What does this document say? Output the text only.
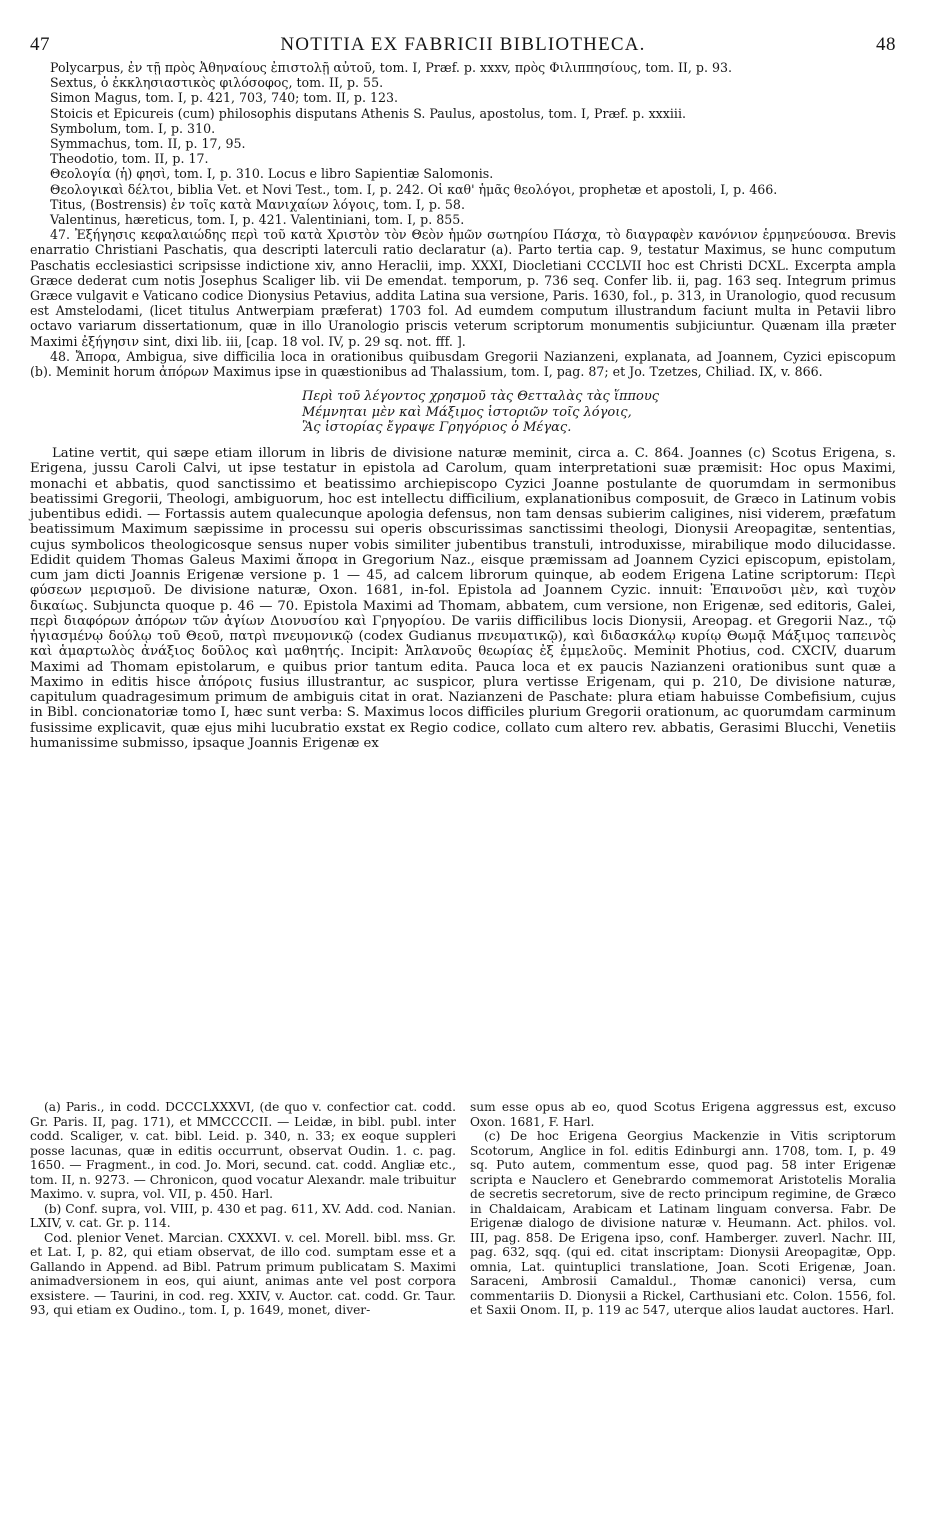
47	NOTITIA EX FABRICII BIBLIOTHECA.	48

Polycarpus, ἐν τῇ πρὸς Ἀθηναίους ἐπιστολῇ αὐτοῦ, tom. I, Præf. p. xxxv, πρὸς Φιλιππησίους, tom. II, p. 93.

Sextus, ὁ ἐκκλησιαστικὸς φιλόσοφος, tom. II, p. 55.

Simon Magus, tom. I, p. 421, 703, 740; tom. II, p. 123.

Stoicis et Epicureis (cum) philosophis disputans Athenis S. Paulus, apostolus, tom. I, Præf. p. xxxiii.

Symbolum, tom. I, p. 310.

Symmachus, tom. II, p. 17, 95.

Theodotio, tom. II, p. 17.

Θεολογία (ἡ) φησὶ, tom. I, p. 310. Locus e libro Sapientiæ Salomonis.

Θεολογικαὶ δέλτοι, biblia Vet. et Novi Test., tom. I, p. 242. Οἱ καθ' ἡμᾶς θεολόγοι, prophetæ et apostoli, I, p. 466.

Titus, (Bostrensis) ἐν τοῖς κατὰ Μανιχαίων λόγοις, tom. I, p. 58.

Valentinus, hæreticus, tom. I, p. 421. Valentiniani, tom. I, p. 855.

47. Ἐξήγησις κεφαλαιώδης περὶ τοῦ κατὰ Χριστὸν τὸν Θεὸν ἡμῶν σωτηρίου Πάσχα, τὸ διαγραφὲν κανόνιον ἑρμηνεύουσα. Brevis enarratio Christiani Paschatis, qua descripti laterculi ratio declaratur (a). Parto tertia cap. 9, testatur Maximus, se hunc computum Paschatis ecclesiastici scripsisse indictione xiv, anno Heraclii, imp. XXXI, Diocletiani CCCLVII hoc est Christi DCXL. Excerpta ampla Græce dederat cum notis Josephus Scaliger lib. vii De emendat. temporum, p. 736 seq. Confer lib. ii, pag. 163 seq. Integrum primus Græce vulgavit e Vaticano codice Dionysius Petavius, addita Latina sua versione, Paris. 1630, fol., p. 313, in Uranologio, quod recusum est Amstelodami, (licet titulus Antwerpiam præferat) 1703 fol. Ad eumdem computum illustrandum faciunt multa in Petavii libro octavo variarum dissertationum, quæ in illo Uranologio priscis veterum scriptorum monumentis subjiciuntur. Quænam illa præter Maximi ἐξήγησιν sint, dixi lib. iii, [cap. 18 vol. IV, p. 29 sq. not. fff. ].

48. Ἄπορα, Ambigua, sive difficilia loca in orationibus quibusdam Gregorii Nazianzeni, explanata, ad Joannem, Cyzici episcopum (b). Meminit horum ἀπόρων Maximus ipse in quæstionibus ad Thalassium, tom. I, pag. 87; et Jo. Tzetzes, Chiliad. IX, v. 866.

Περὶ τοῦ λέγοντος χρησμοῦ τὰς Θετταλὰς τὰς ἵππους
Μέμνηται μὲν καὶ Μάξιμος ἱστοριῶν τοῖς λόγοις,
Ἃς ἱστορίας ἔγραψε Γρηγόριος ὁ Μέγας.

Latine vertit, qui sæpe etiam illorum in libris de divisione naturæ meminit, circa a. C. 864. Joannes (c) Scotus Erigena, s. Erigena, jussu Caroli Calvi, ut ipse testatur in epistola ad Carolum, quam interpretationi suæ præmisit: Hoc opus Maximi, monachi et abbatis, quod sanctissimo et beatissimo archiepiscopo Cyzici Joanne postulante de quorumdam in sermonibus beatissimi Gregorii, Theologi, ambiguorum, hoc est intellectu difficilium, explanationibus composuit, de Græco in Latinum vobis jubentibus edidi. — Fortassis autem qualecunque apologia defensus, non tam densas subierim caligines, nisi viderem, præfatum beatissimum Maximum sæpissime in processu sui operis obscurissimas sanctissimi theologi, Dionysii Areopagitæ, sententias, cujus symbolicos theologicosque sensus nuper vobis similiter jubentibus transtuli, introduxisse, mirabilique modo dilucidasse. Edidit quidem Thomas Galeus Maximi ἄπορα in Gregorium Naz., eisque præmissam ad Joannem Cyzici episcopum, epistolam, cum jam dicti Joannis Erigenæ versione p. 1 — 45, ad calcem librorum quinque, ab eodem Erigena Latine scriptorum: Περὶ φύσεων μερισμοῦ. De divisione naturæ, Oxon. 1681, in-fol. Epistola ad Joannem Cyzic. innuit: Ἐπαινοῦσι μὲν, καὶ τυχὸν δικαίως. Subjuncta quoque p. 46 — 70. Epistola Maximi ad Thomam, abbatem, cum versione, non Erigenæ, sed editoris, Galei, περὶ διαφόρων ἀπόρων τῶν ἁγίων Διονυσίου καὶ Γρηγορίου. De variis difficilibus locis Dionysii, Areopag. et Gregorii Naz., τῷ ἡγιασμένῳ δούλῳ τοῦ Θεοῦ, πατρὶ πνευμονικῷ (codex Gudianus πνευματικῷ), καὶ διδασκάλῳ κυρίῳ Θωμᾷ Μάξιμος ταπεινὸς καὶ ἁμαρτωλὸς ἀνάξιος δοῦλος καὶ μαθητής. Incipit: Ἀπλανοῦς θεωρίας ἐξ ἐμμελοῦς. Meminit Photius, cod. CXCIV, duarum Maximi ad Thomam epistolarum, e quibus prior tantum edita. Pauca loca et ex paucis Nazianzeni orationibus sunt quæ a Maximo in editis hisce ἀπόροις fusius illustrantur, ac suspicor, plura vertisse Erigenam, qui p. 210, De divisione naturæ, capitulum quadragesimum primum de ambiguis citat in orat. Nazianzeni de Paschate: plura etiam habuisse Combefisium, cujus in Bibl. concionatoriæ tomo I, hæc sunt verba: S. Maximus locos difficiles plurium Gregorii orationum, ac quorumdam carminum fusissime explicavit, quæ ejus mihi lucubratio exstat ex Regio codice, collato cum altero rev. abbatis, Gerasimi Blucchi, Venetiis humanissime submisso, ipsaque Joannis Erigenæ ex

(a) Paris., in codd. DCCCLXXXVI, (de quo v. confectior cat. codd. Gr. Paris. II, pag. 171), et MMCCCCII. — Leidæ, in bibl. publ. inter codd. Scaliger, v. cat. bibl. Leid. p. 340, n. 33; ex eoque suppleri posse lacunas, quæ in editis occurrunt, observat Oudin. 1. c. pag. 1650. — Fragment., in cod. Jo. Mori, secund. cat. codd. Angliæ etc., tom. II, n. 9273. — Chronicon, quod vocatur Alexandr. male tribuitur Maximo. v. supra, vol. VII, p. 450. Harl.

(b) Conf. supra, vol. VIII, p. 430 et pag. 611, XV. Add. cod. Nanian. LXIV, v. cat. Gr. p. 114.

Cod. plenior Venet. Marcian. CXXXVI. v. cel. Morell. bibl. mss. Gr. et Lat. I, p. 82, qui etiam observat, de illo cod. sumptam esse et a Gallando in Append. ad Bibl. Patrum primum publicatam S. Maximi animadversionem in eos, qui aiunt, animas ante vel post corpora exsistere. — Taurini, in cod. reg. XXIV, v. Auctor. cat. codd. Gr. Taur. 93, qui etiam ex Oudino., tom. I, p. 1649, monet, diver-

sum esse opus ab eo, quod Scotus Erigena aggressus est, excuso Oxon. 1681, F. Harl.

(c) De hoc Erigena Georgius Mackenzie in Vitis scriptorum Scotorum, Anglice in fol. editis Edinburgi ann. 1708, tom. I, p. 49 sq. Puto autem, commentum esse, quod pag. 58 inter Erigenæ scripta e Nauclero et Genebrardo commemorat Aristotelis Moralia de secretis secretorum, sive de recto principum regimine, de Græco in Chaldaicam, Arabicam et Latinam linguam conversa. Fabr. De Erigenæ dialogo de divisione naturæ v. Heumann. Act. philos. vol. III, pag. 858. De Erigena ipso, conf. Hamberger. zuverl. Nachr. III, pag. 632, sqq. (qui ed. citat inscriptam: Dionysii Areopagitæ, Opp. omnia, Lat. quintuplici translatione, Joan. Scoti Erigenæ, Joan. Saraceni, Ambrosii Camaldul., Thomæ canonici) versa, cum commentariis D. Dionysii a Rickel, Carthusiani etc. Colon. 1556, fol. et Saxii Onom. II, p. 119 ac 547, uterque alios laudat auctores. Harl.
